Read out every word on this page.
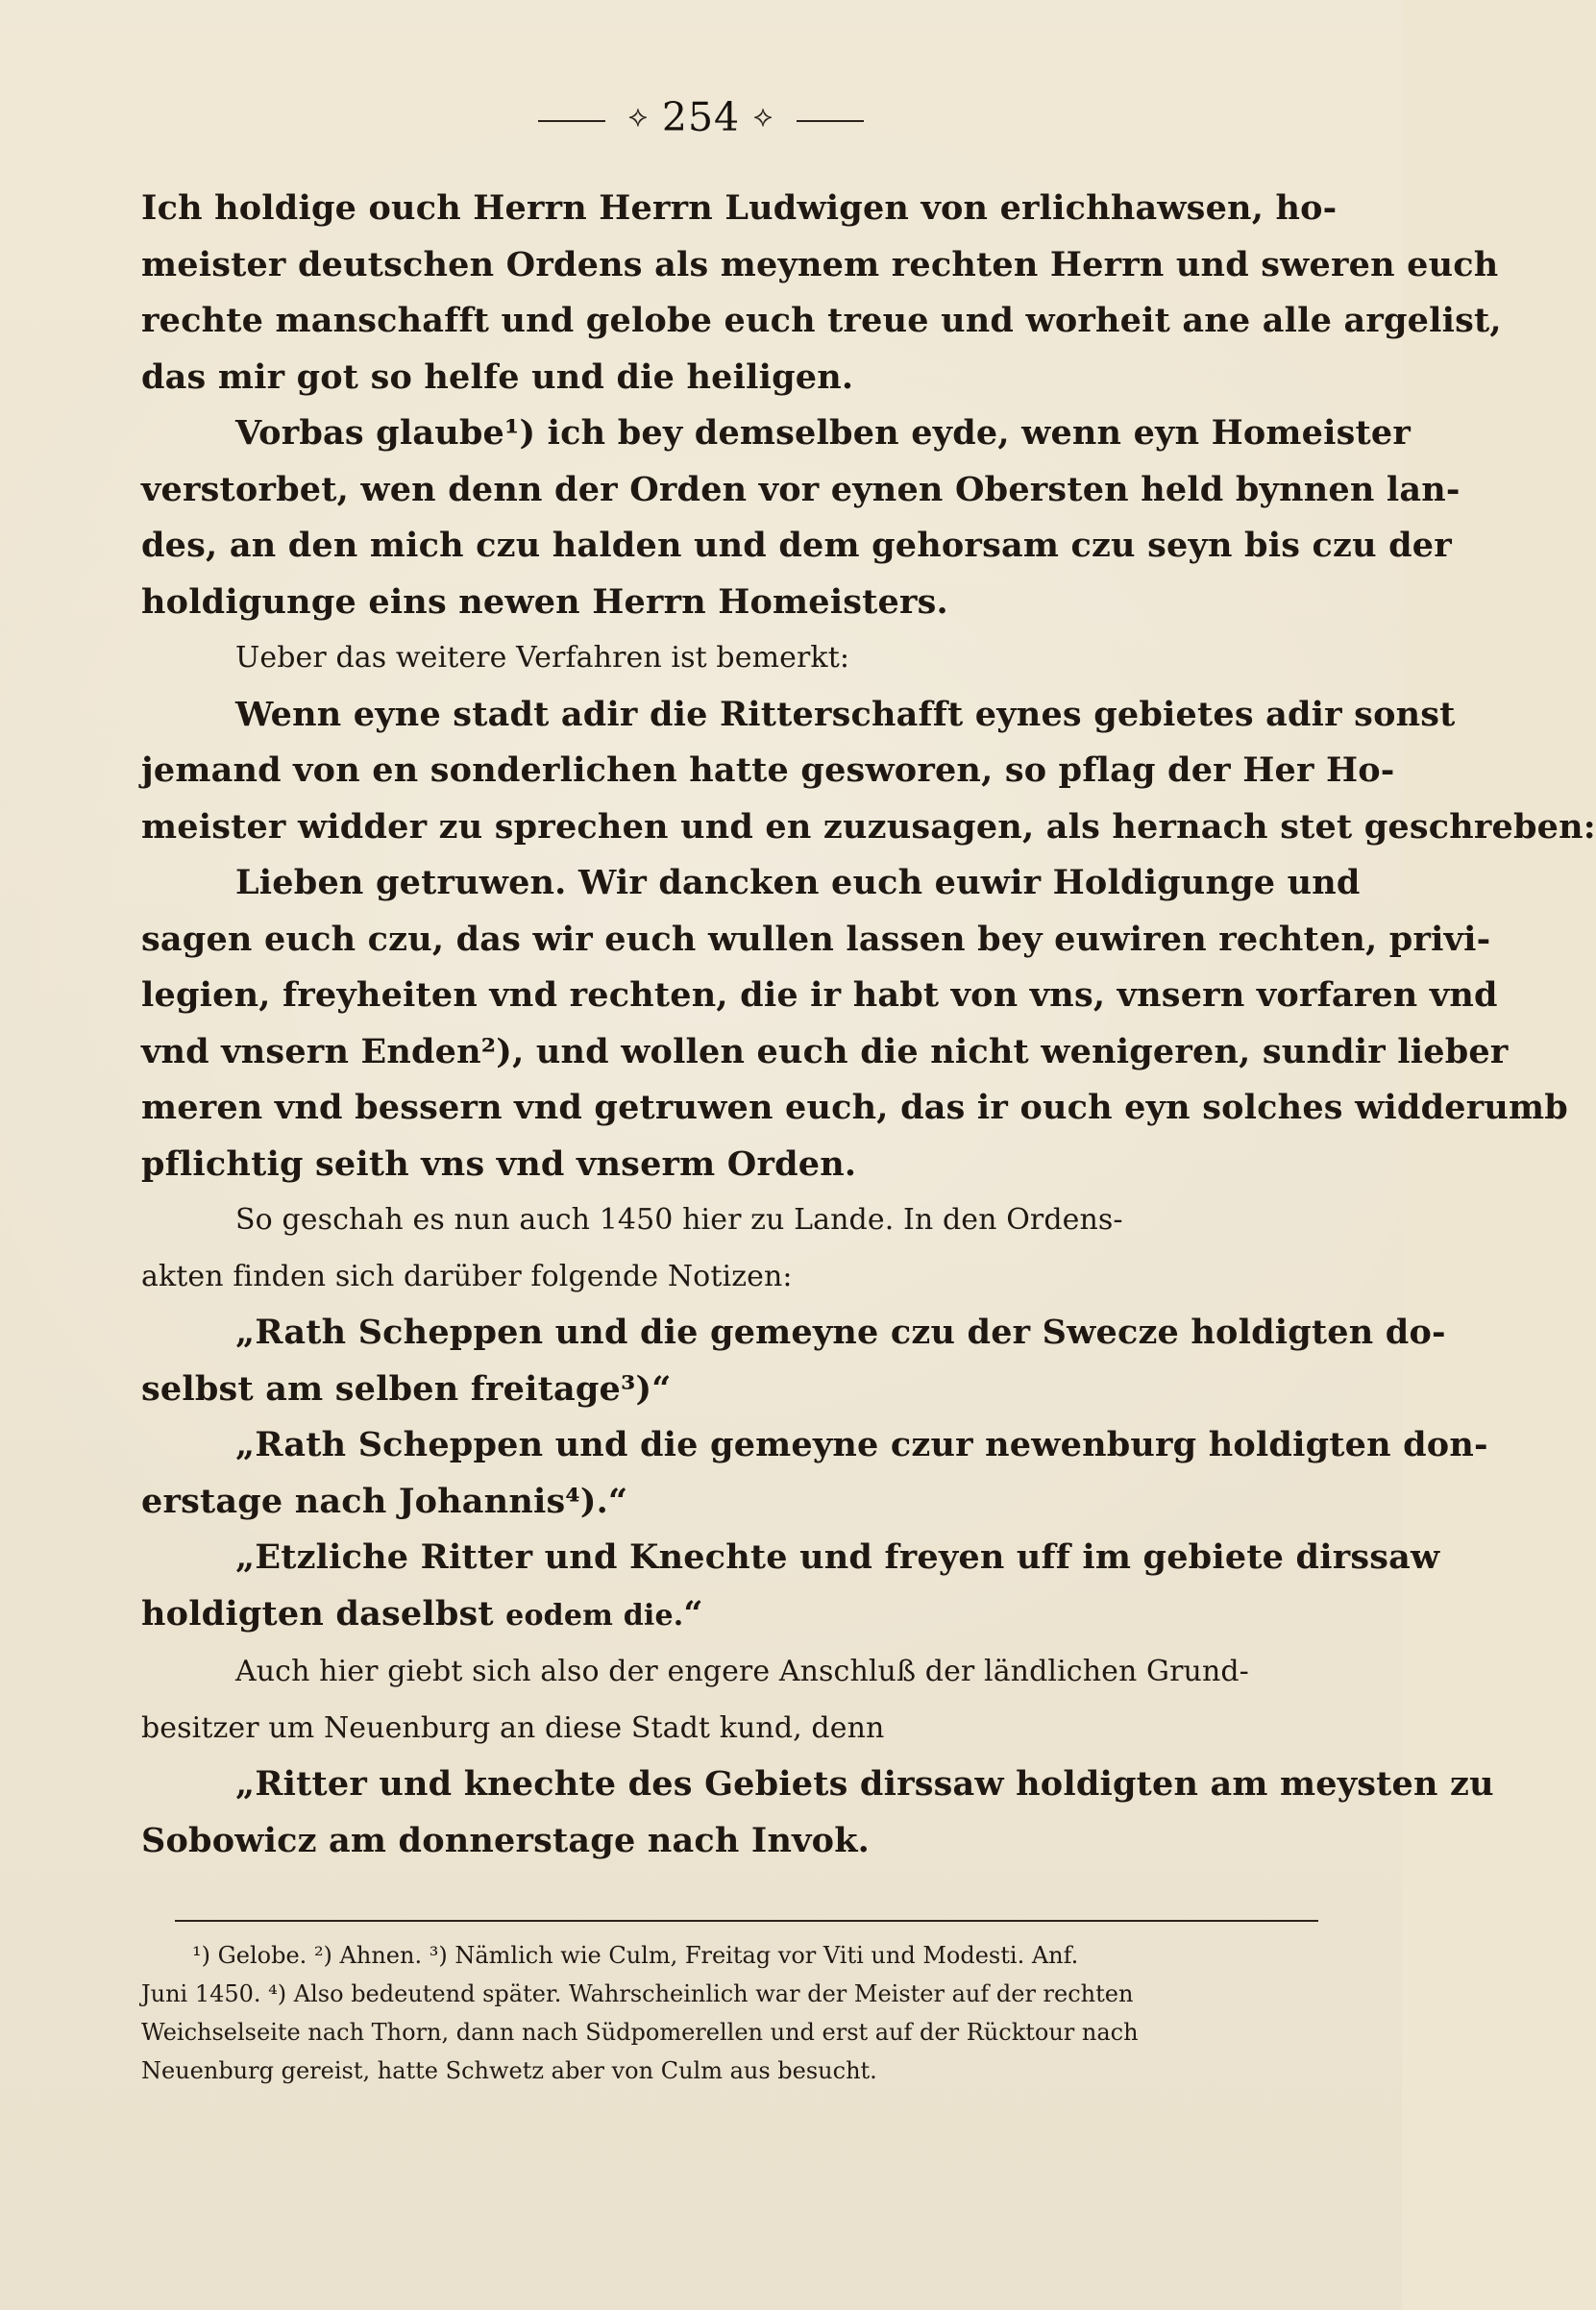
⟡ 254 ⟡

Ich holdige ouch Herrn Herrn Ludwigen von erlichhawsen, ho-
meister deutschen Ordens als meynem rechten Herrn und sweren euch
rechte manschafft und gelobe euch treue und worheit ane alle argelist,
das mir got so helfe und die heiligen.

Vorbas glaube¹) ich bey demselben eyde, wenn eyn Homeister
verstorbet, wen denn der Orden vor eynen Obersten held bynnen lan-
des, an den mich czu halden und dem gehorsam czu seyn bis czu der
holdigunge eins newen Herrn Homeisters.

Ueber das weitere Verfahren ist bemerkt:

Wenn eyne stadt adir die Ritterschafft eynes gebietes adir sonst
jemand von en sonderlichen hatte gesworen, so pflag der Her Ho-
meister widder zu sprechen und en zuzusagen, als hernach stet geschreben:

Lieben getruwen. Wir dancken euch euwir Holdigunge und
sagen euch czu, das wir euch wullen lassen bey euwiren rechten, privi-
legien, freyheiten vnd rechten, die ir habt von vns, vnsern vorfaren vnd
vnd vnsern Enden²), und wollen euch die nicht wenigeren, sundir lieber
meren vnd bessern vnd getruwen euch, das ir ouch eyn solches widderumb
pflichtig seith vns vnd vnserm Orden.

So geschah es nun auch 1450 hier zu Lande. In den Ordens-
akten finden sich darüber folgende Notizen:

„Rath Scheppen und die gemeyne czu der Swecze holdigten do-
selbst am selben freitage³)“

„Rath Scheppen und die gemeyne czur newenburg holdigten don-
erstage nach Johannis⁴).“

„Etzliche Ritter und Knechte und freyen uff im gebiete dirssaw
holdigten daselbst eodem die.“

Auch hier giebt sich also der engere Anschluß der ländlichen Grund-
besitzer um Neuenburg an diese Stadt kund, denn

„Ritter und knechte des Gebiets dirssaw holdigten am meysten zu
Sobowicz am donnerstage nach Invok.

¹) Gelobe. ²) Ahnen. ³) Nämlich wie Culm, Freitag vor Viti und Modesti. Anf.
Juni 1450. ⁴) Also bedeutend später. Wahrscheinlich war der Meister auf der rechten
Weichselseite nach Thorn, dann nach Südpomerellen und erst auf der Rücktour nach
Neuenburg gereist, hatte Schwetz aber von Culm aus besucht.
